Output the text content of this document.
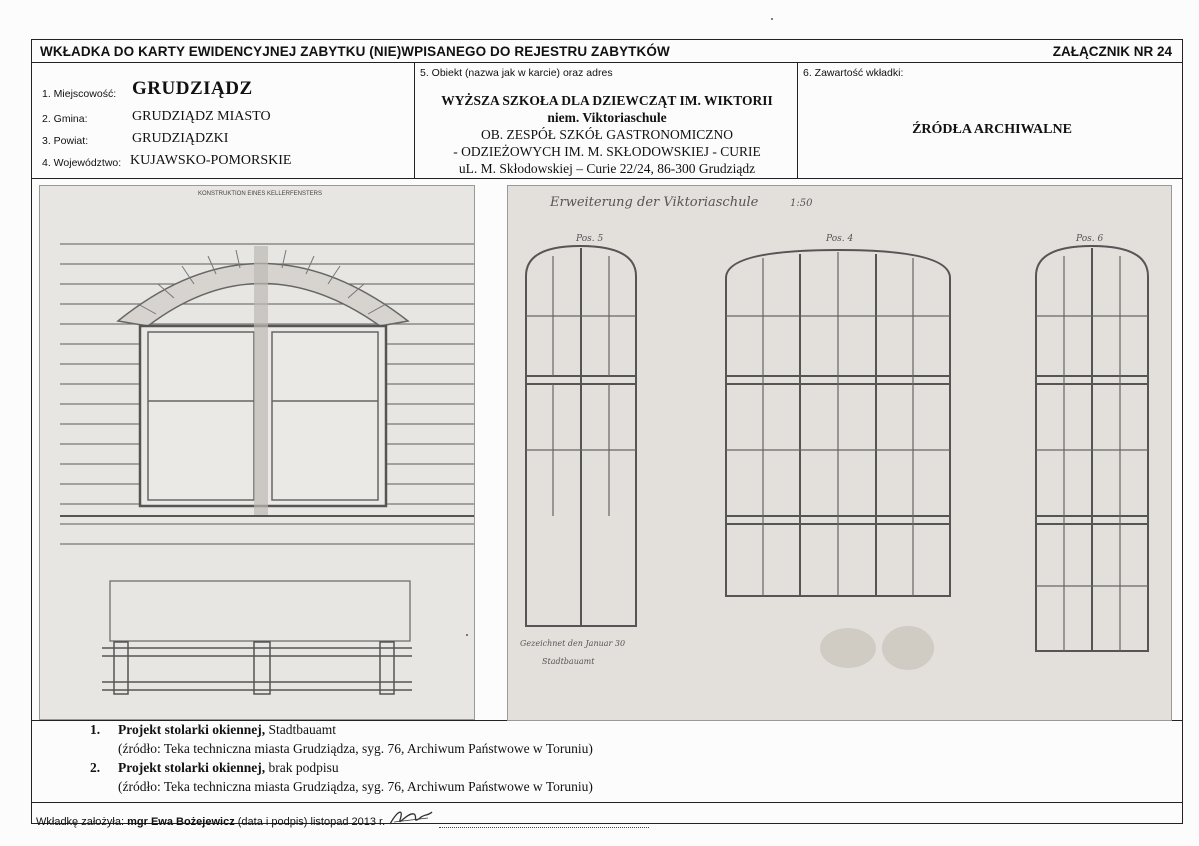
WKŁADKA DO KARTY EWIDENCYJNEJ ZABYTKU (NIE)WPISANEGO DO REJESTRU ZABYTKÓW	ZAŁĄCZNIK NR 24
1. Miejscowość: GRUDZIĄDZ
2. Gmina:	GRUDZIĄDZ MIASTO
3. Powiat:	GRUDZIĄDZKI
4. Województwo: KUJAWSKO-POMORSKIE
5. Obiekt (nazwa jak w karcie) oraz adres
WYŻSZA SZKOŁA DLA DZIEWCZĄT IM. WIKTORII
niem. Viktoriaschule
OB. ZESPÓŁ SZKÓŁ GASTRONOMICZNO
- ODZIEŻOWYCH IM. M. SKŁODOWSKIEJ - CURIE
uL. M. Skłodowskiej – Curie 22/24, 86-300 Grudziądz
6. Zawartość wkładki:
ŹRÓDŁA ARCHIWALNE
1. Projekt stolarki okiennej, Stadtbauamt
(źródło: Teka techniczna miasta Grudziądza, syg. 76, Archiwum Państwowe w Toruniu)
2. Projekt stolarki okiennej, brak podpisu
(źródło: Teka techniczna miasta Grudziądza, syg. 76, Archiwum Państwowe w Toruniu)
Wkładkę założyła: mgr Ewa Bożejewicz (data i podpis) listopad 2013 r.
KONSTRUKTION EINES KELLERFENSTERS
Erweiterung der Viktoriaschule	1:50
Pos. 5	Pos. 4	Pos. 6
Gezeichnet den Januar 30
Stadtbauamt
